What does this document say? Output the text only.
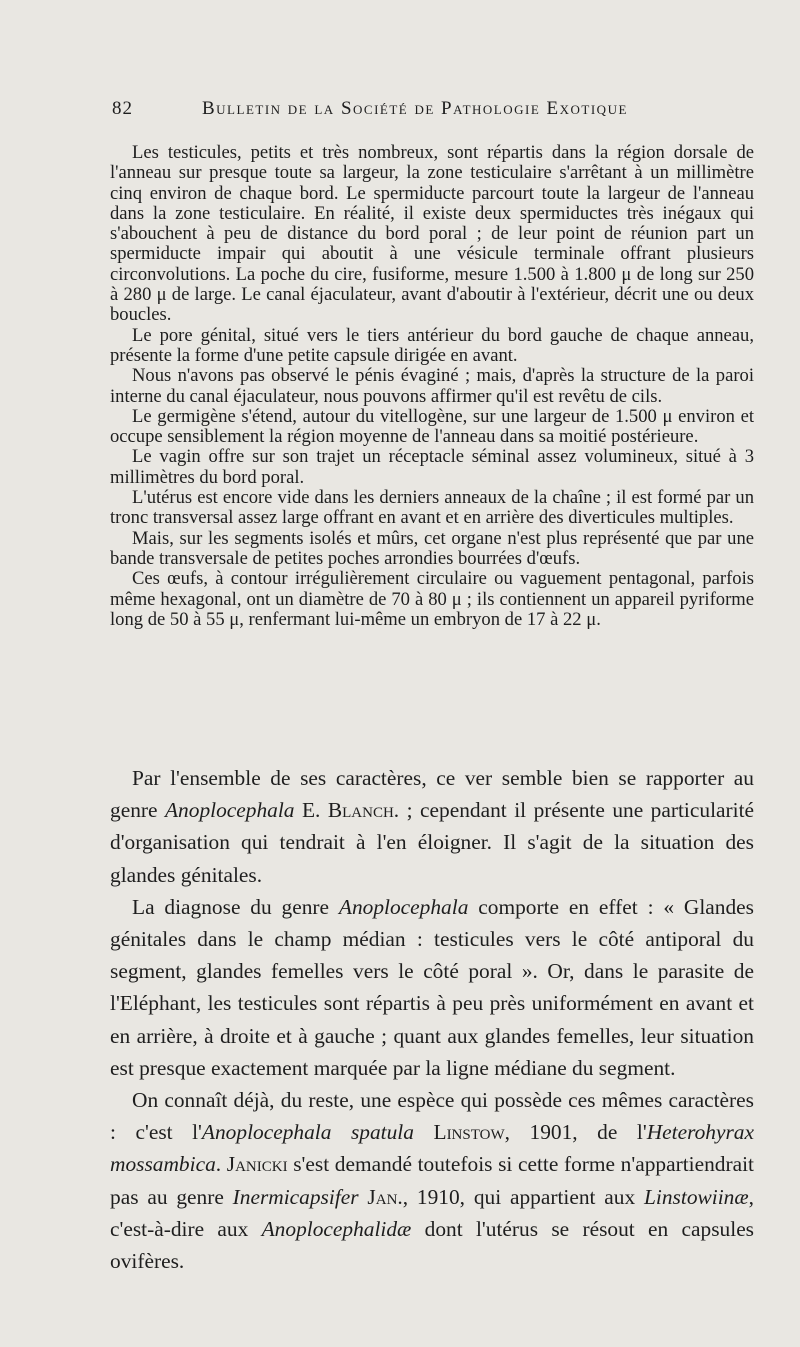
82	Bulletin de la Société de Pathologie Exotique

Les testicules, petits et très nombreux, sont répartis dans la région dorsale de l'anneau sur presque toute sa largeur, la zone testiculaire s'arrêtant à un millimètre cinq environ de chaque bord. Le spermiducte parcourt toute la largeur de l'anneau dans la zone testiculaire. En réalité, il existe deux spermiductes très inégaux qui s'abouchent à peu de distance du bord poral ; de leur point de réunion part un spermiducte impair qui aboutit à une vésicule terminale offrant plusieurs circonvolutions. La poche du cire, fusiforme, mesure 1.500 à 1.800 μ de long sur 250 à 280 μ de large. Le canal éjaculateur, avant d'aboutir à l'extérieur, décrit une ou deux boucles.

Le pore génital, situé vers le tiers antérieur du bord gauche de chaque anneau, présente la forme d'une petite capsule dirigée en avant.

Nous n'avons pas observé le pénis évaginé ; mais, d'après la structure de la paroi interne du canal éjaculateur, nous pouvons affirmer qu'il est revêtu de cils.

Le germigène s'étend, autour du vitellogène, sur une largeur de 1.500 μ environ et occupe sensiblement la région moyenne de l'anneau dans sa moitié postérieure.

Le vagin offre sur son trajet un réceptacle séminal assez volumineux, situé à 3 millimètres du bord poral.

L'utérus est encore vide dans les derniers anneaux de la chaîne ; il est formé par un tronc transversal assez large offrant en avant et en arrière des diverticules multiples.

Mais, sur les segments isolés et mûrs, cet organe n'est plus représenté que par une bande transversale de petites poches arrondies bourrées d'œufs.

Ces œufs, à contour irrégulièrement circulaire ou vaguement pentagonal, parfois même hexagonal, ont un diamètre de 70 à 80 μ ; ils contiennent un appareil pyriforme long de 50 à 55 μ, renfermant lui-même un embryon de 17 à 22 μ.

Par l'ensemble de ses caractères, ce ver semble bien se rapporter au genre Anoplocephala E. Blanch. ; cependant il présente une particularité d'organisation qui tendrait à l'en éloigner. Il s'agit de la situation des glandes génitales.

La diagnose du genre Anoplocephala comporte en effet : « Glandes génitales dans le champ médian : testicules vers le côté antiporal du segment, glandes femelles vers le côté poral ». Or, dans le parasite de l'Eléphant, les testicules sont répartis à peu près uniformément en avant et en arrière, à droite et à gauche ; quant aux glandes femelles, leur situation est presque exactement marquée par la ligne médiane du segment.

On connaît déjà, du reste, une espèce qui possède ces mêmes caractères : c'est l'Anoplocephala spatula Linstow, 1901, de l'Heterohyrax mossambica. Janicki s'est demandé toutefois si cette forme n'appartiendrait pas au genre Inermicapsifer Jan., 1910, qui appartient aux Linstowiinæ, c'est-à-dire aux Anoplocephalidæ dont l'utérus se résout en capsules ovifères.
